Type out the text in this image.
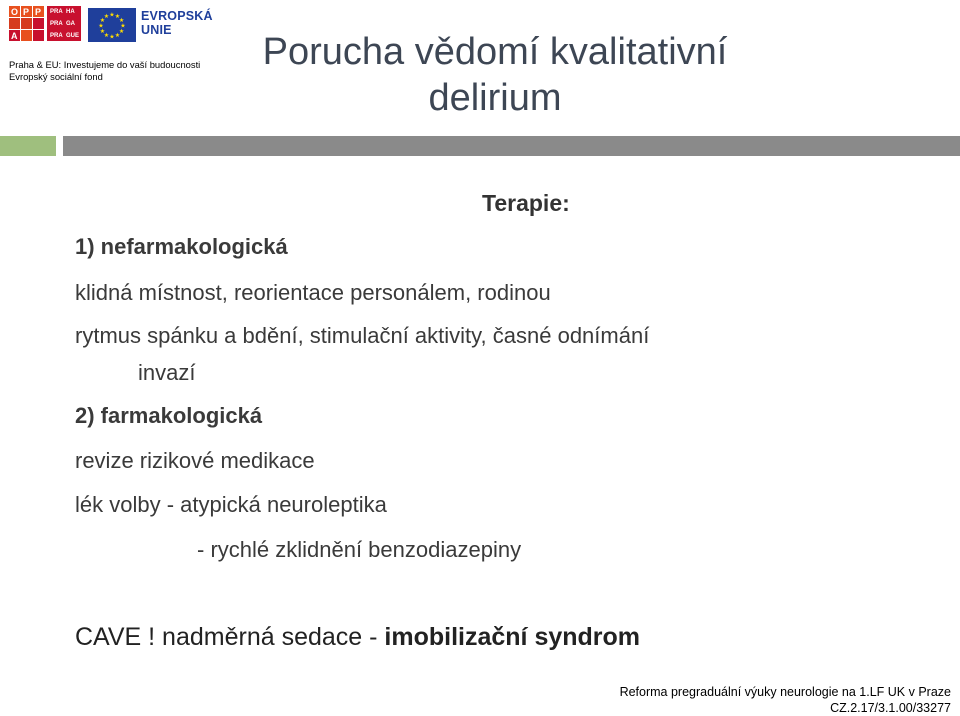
O P P
A
PRA HA
PRA GA
PRA GUE
★ ★
★
★
★
★
★
★
★
★
★
★	EVROPSKÁ
UNIE
Praha & EU: Investujeme do vaší budoucnosti
Evropský sociální fond
Porucha vědomí kvalitativní
delirium
Terapie:
1) nefarmakologická
klidná místnost, reorientace personálem, rodinou
rytmus spánku a bdění, stimulační aktivity, časné odnímání
invazí
2) farmakologická
revize rizikové medikace
lék volby - atypická neuroleptika
- rychlé zklidnění benzodiazepiny
CAVE ! nadměrná sedace - imobilizační syndrom
Reforma pregraduální výuky neurologie na 1.LF UK v Praze
CZ.2.17/3.1.00/33277
